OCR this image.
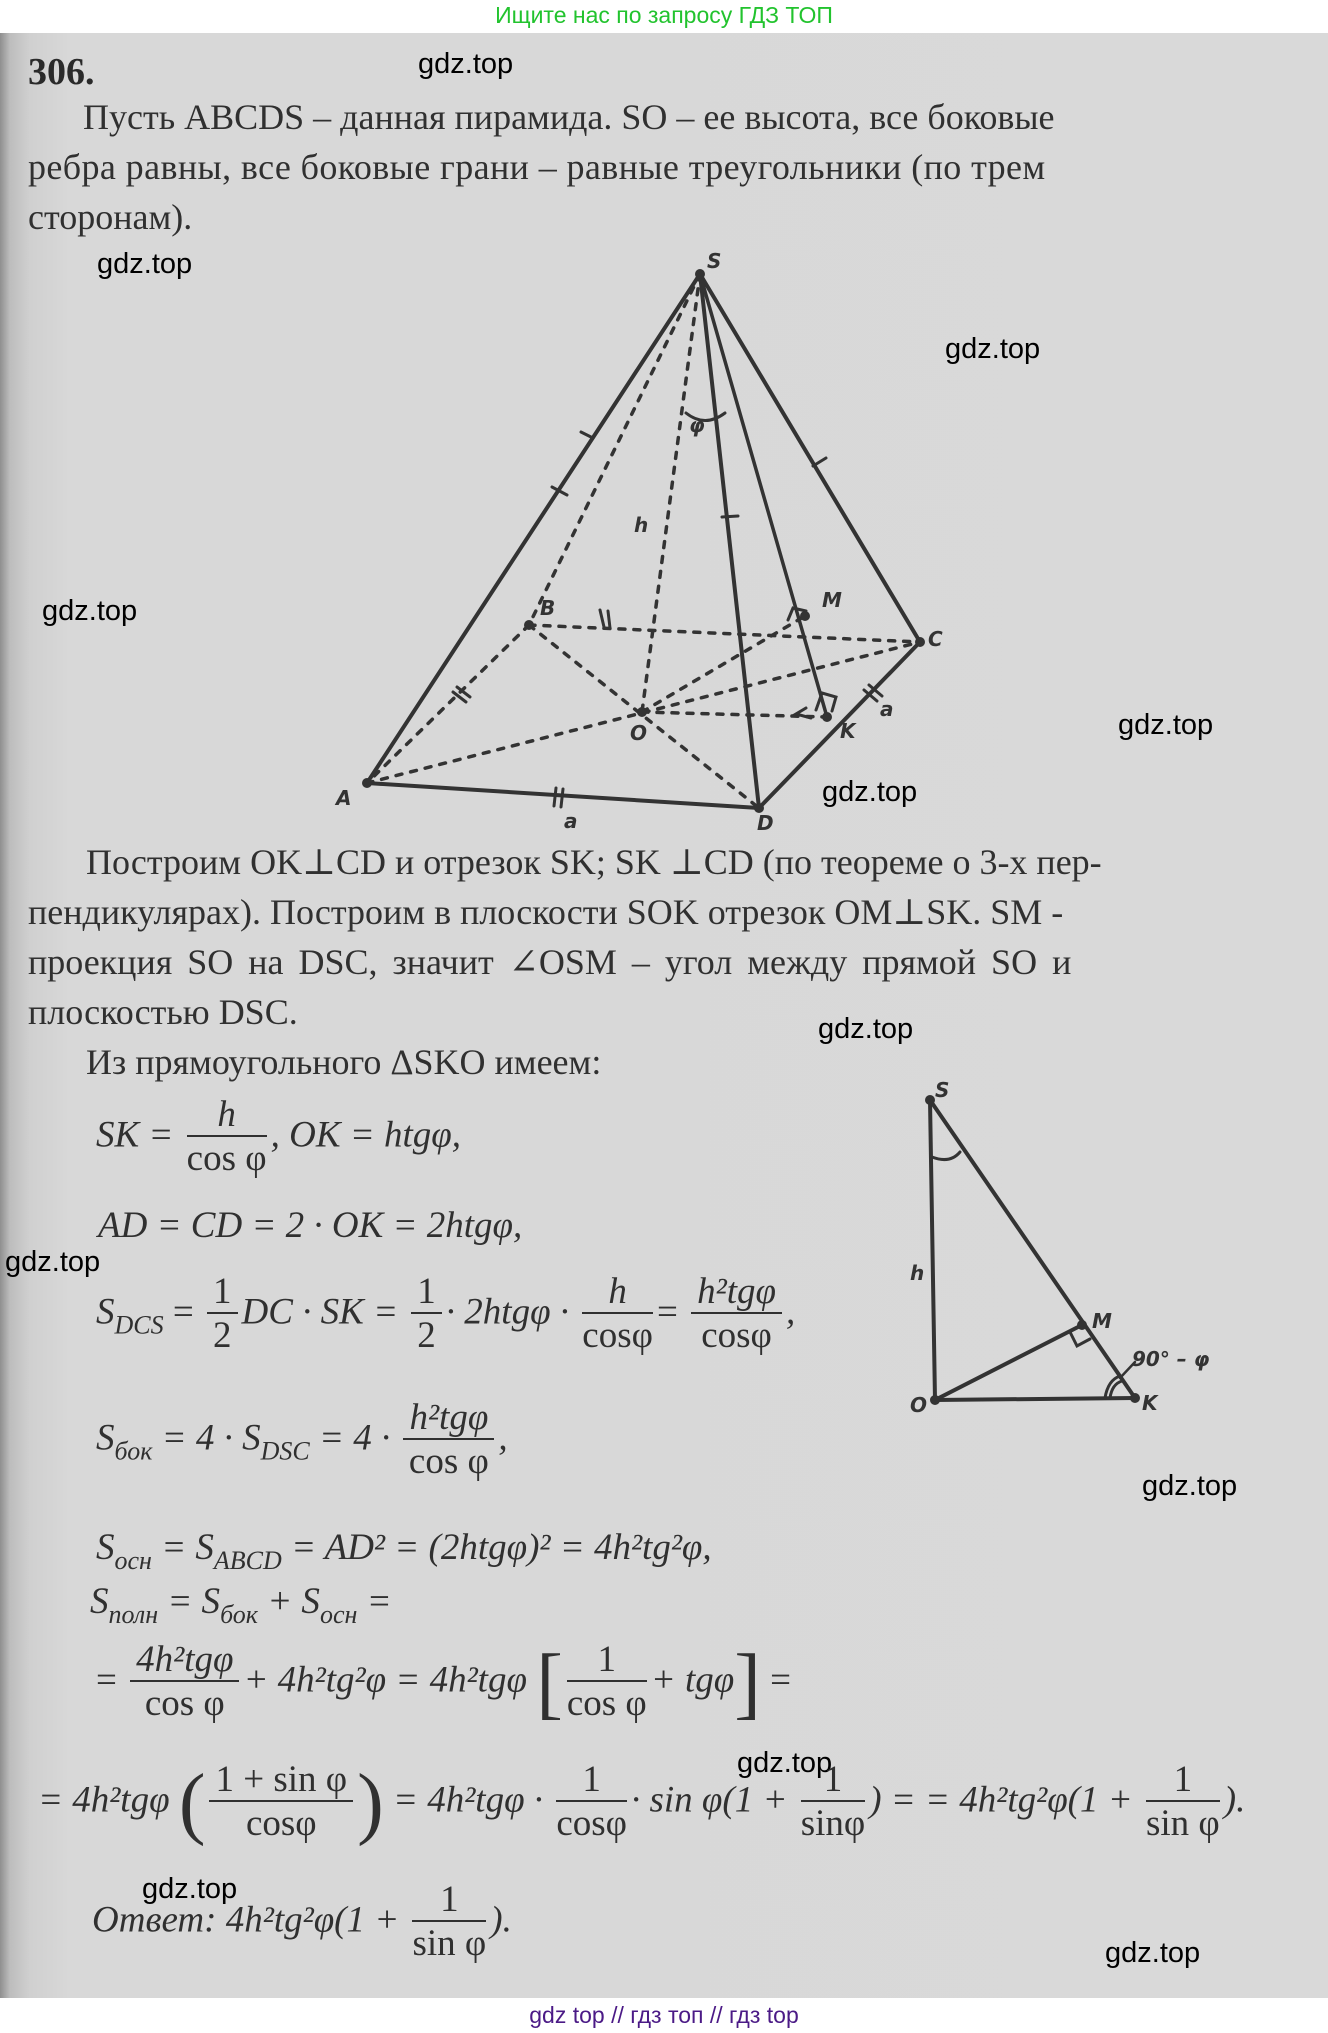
Ищите нас по запросу ГДЗ ТОП
gdz.top
gdz.top
gdz.top
gdz.top
gdz.top
gdz.top
gdz.top
gdz.top
gdz.top
gdz.top
gdz.top
gdz.top
306.
Пусть ABCDS – данная пирамида. SO – ее высота, все боковые
ребра равны, все боковые грани – равные треугольники (по трем
сторонам).
S
A
B
C
D
O	K
M
h
φ
a
a
Построим OK⊥CD и отрезок SK; SK ⊥CD (по теореме о 3-х пер-
пендикулярах). Построим в плоскости SOK отрезок OM⊥SK. SM -
проекция SO на DSC, значит ∠OSM – угол между прямой SO и
плоскостью DSC.
Из прямоугольного ΔSKO имеем:
S
O	K
M
h
90° – φ
SK = $\frac{h}{\text{cos φ}}$ , OK = htgφ,
AD = CD = 2 · OK = 2htgφ,
$S_{DCS} = \frac{1}{2}$ DC · SK = $\frac{1}{2} \cdot 2htg\varphi \cdot \frac{h}{\cos\varphi} = \frac{\text{h²tgφ}}{\cos\varphi}$ ,
$S_{бок} = 4 \cdot S_{DSC} = 4 \cdot \frac{\text{h²tgφ}}{\text{cos φ}}$ ,
$S_{осн} = S_{ABCD} = AD^2 = (2htg\varphi)^2 = 4h^2tg^2\varphi$,
$S_{полн} = S_{бок} + S_{осн}$ =
= $\frac{\text{4h²tgφ}}{\text{cos φ}} + 4h^2tg^2\varphi = 4h^2tg\varphi$ [ $\frac{1}{\text{cos φ}} + tg\varphi$] =
= 4h²tgφ ( $\frac{\text{1 + sin φ}}{\cos\varphi}$ ) = $4h^2tg\varphi \cdot \frac{1}{\cos\varphi} \cdot \sin \varphi(1 + \frac{1}{\sin\varphi}$ ) = = $4h^2tg^2\varphi(1 + \frac{1}{\text{sin φ}}$ ).
Ответ: $4h^2tg^2\varphi(1 + \frac{1}{\text{sin φ}}$ ).
gdz top // гдз топ // гдз top
